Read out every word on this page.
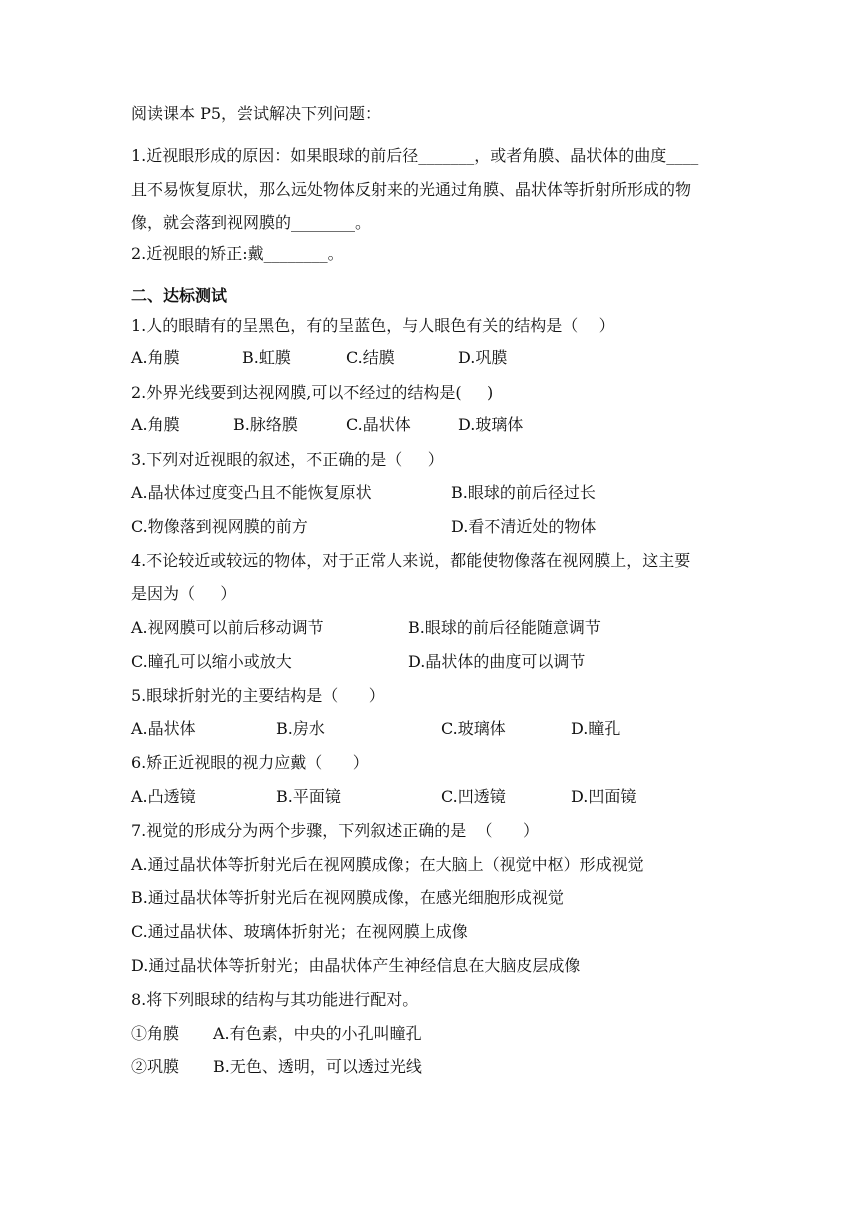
阅读课本 P5，尝试解决下列问题：
1.近视眼形成的原因：如果眼球的前后径_______，或者角膜、晶状体的曲度____
且不易恢复原状，那么远处物体反射来的光通过角膜、晶状体等折射所形成的物
像，就会落到视网膜的________。
2.近视眼的矫正:戴________。
二、达标测试
1.人的眼睛有的呈黑色，有的呈蓝色，与人眼色有关的结构是（    ）
A.角膜	B.虹膜	C.结膜	D.巩膜
2.外界光线要到达视网膜,可以不经过的结构是(     )
A.角膜	B.脉络膜	C.晶状体	D.玻璃体
3.下列对近视眼的叙述，不正确的是（     ）
A.晶状体过度变凸且不能恢复原状	B.眼球的前后径过长
C.物像落到视网膜的前方	D.看不清近处的物体
4.不论较近或较远的物体，对于正常人来说，都能使物像落在视网膜上，这主要
是因为（     ）
A.视网膜可以前后移动调节	B.眼球的前后径能随意调节
C.瞳孔可以缩小或放大	D.晶状体的曲度可以调节
5.眼球折射光的主要结构是（      ）
A.晶状体	B.房水	C.玻璃体	D.瞳孔
6.矫正近视眼的视力应戴（      ）
A.凸透镜	B.平面镜	C.凹透镜	D.凹面镜
7.视觉的形成分为两个步骤，下列叙述正确的是  （      ）
A.通过晶状体等折射光后在视网膜成像；在大脑上（视觉中枢）形成视觉
B.通过晶状体等折射光后在视网膜成像，在感光细胞形成视觉
C.通过晶状体、玻璃体折射光；在视网膜上成像
D.通过晶状体等折射光；由晶状体产生神经信息在大脑皮层成像
8.将下列眼球的结构与其功能进行配对。
①角膜 A.有色素，中央的小孔叫瞳孔
②巩膜 B.无色、透明，可以透过光线
